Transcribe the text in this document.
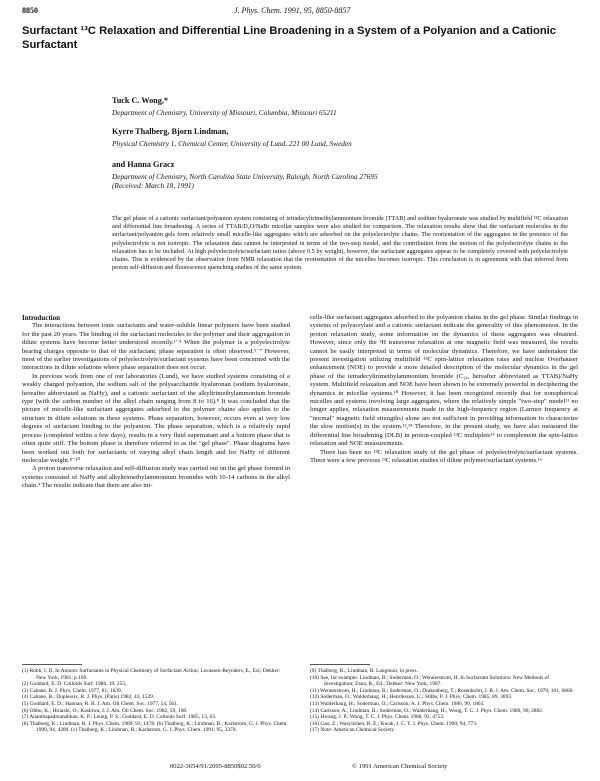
8850	J. Phys. Chem. 1991, 95, 8850-8857
Surfactant ¹³C Relaxation and Differential Line Broadening in a System of a Polyanion and a Cationic Surfactant
Tuck C. Wong,*
Department of Chemistry, University of Missouri, Columbia, Missouri 65211
Kyrre Thalberg, Bjorn Lindman,
Physical Chemistry 1, Chemical Center, University of Lund, 221 00 Lund, Sweden
and Hanna Gracz
Department of Chemistry, North Carolina State University, Raleigh, North Carolina 27695
(Received: March 18, 1991)
The gel phase of a cationic surfactant/polyanion system consisting of tetradecyltrimethylammonium bromide (TTAB) and sodium hyaluronate was studied by multifield ¹³C relaxation and differential line broadening. A series of TTAB/D₂O/NaBr micellar samples were also studied for comparison. The relaxation results show that the surfactant molecules in the surfactant/polyanion gels form relatively small micelle-like aggregates which are adsorbed on the polyelectrolyte chains. The reorientation of the aggregates in the presence of the polyelectrolyte is not isotropic. The relaxation data cannot be interpreted in terms of the two-step model, and the contribution from the motion of the polyelectrolyte chains to the relaxation has to be included. At high polyelectrolyte/surfactant ratios (above 0.5 by weight), however, the surfactant aggregates appear to be completely covered with polyelectrolyte chains. This is evidenced by the observation from NMR relaxation that the reorientation of the micelles becomes isotropic. This conclusion is in agreement with that inferred from proton self-diffusion and fluorescence quenching studies of the same system.

Introduction

The interactions between ionic surfactants and water-soluble linear polymers have been studied for the past 20 years. The binding of the surfactant molecules to the polymer and their aggregation in dilute systems have become better understood recently.¹⁻⁴ When the polymer is a polyelectrolyte bearing charges opposite to that of the surfactant, phase separation is often observed.⁵⁻⁷ However, most of the earlier investigations of polyelectrolyte/surfactant systems have been concerned with the interactions in dilute solutions where phase separation does not occur.

In previous work from one of our laboratories (Lund), we have studied systems consisting of a weakly charged polyanion, the sodium salt of the polysaccharide hyaluronan (sodium hyaluronate, hereafter abbreviated as NaHy), and a cationic surfactant of the alkyltrimethylammonium bromide type (with the carbon number of the alkyl chain ranging from 8 to 16).⁸ It was concluded that the picture of micelle-like surfactant aggregates adsorbed to the polymer chains also applies to the structure in dilute solutions in these systems. Phase separation, however, occurs even at very low degrees of surfactant binding to the polyanion. The phase separation, which is a relatively rapid process (completed within a few days), results in a very fluid supernatant and a bottom phase that is often quite stiff. The bottom phase is therefore referred to as the "gel phase". Phase diagrams have been worked out both for surfactants of varying alkyl chain length and for NaHy of different molecular weight.⁸⁻¹⁰

A proton transverse relaxation and self-diffusion study was carried out on the gel phase formed in systems consisted of NaHy and alkyltrimethylammonium bromides with 10-14 carbons in the alkyl chain.⁹ The results indicate that there are also mi-

celle-like surfactant aggregates adsorbed to the polyanion chains in the gel phase. Similar findings in systems of polyacrylate and a cationic surfactant indicate the generality of this phenomenon. In the proton relaxation study, some information on the dynamics of these aggregates was obtained. However, since only the ¹H transverse relaxation at one magnetic field was measured, the results cannot be easily interpreted in terms of molecular dynamics. Therefore, we have undertaken the present investigation utilizing multifield ¹³C spin-lattice relaxation rates and nuclear Overhauser enhancement (NOE) to provide a more detailed description of the molecular dynamics in the gel phase of the tetradecyltrimethylammonium bromide (C₁₄, hereafter abbreviated as TTAB)/NaHy system. Multifield relaxation and NOE have been shown to be extremely powerful in deciphering the dynamics in micellar systems.¹⁰ However, it has been recognized recently that for nonspherical micelles and systems involving large aggregates, where the relatively simple "two-step" model¹¹ no longer applies, relaxation measurements made in the high-frequency region (Larmor frequency at "normal" magnetic field strengths) alone are not sufficient in providing information to characterize the slow motion(s) in the system.¹²,¹⁴ Therefore, in the present study, we have also measured the differential line broadening (DLB) in proton-coupled ¹³C multiplets¹⁵ to complement the spin-lattice relaxation and NOE measurements.

There has been no ¹³C relaxation study of the gel phase of polyelectrolyte/surfactant systems. There were a few previous ¹³C relaxation studies of dilute polymer/surfactant systems.¹⁶

(1) Robb, I. D. In Anionic Surfactants in Physical Chemistry of Surfactant Action; Lucassen-Reynders, E., Ed.; Dekker: New York, 1981; p 109.

(2) Goddard, E. D. Colloids Surf. 1986, 19, 255.

(3) Cabane, B. J. Phys. Chem. 1977, 81, 1639.

(4) Cabane, B.; Duplessix, R. J. Phys. (Paris) 1982, 43, 1529.

(5) Goddard, E. D.; Hannan, R. B. J. Am. Oil Chem. Soc. 1977, 54, 561.

(6) Ohbu, K.; Hiraishi, O.; Kashiwa, I. J. Am. Oil Chem. Soc. 1982, 59, 108.

(7) Ananthapadmanabhan, K. P.; Leung, P. S.; Goddard, E. D. Colloids Surf. 1985, 13, 63.

(8) Thalberg, K.; Lindman, B. J. Phys. Chem. 1989, 93, 1478. (b) Thalberg, K.; Lindman, B.; Karlstrom, G. J. Phys. Chem. 1990, 94, 4289. (c) Thalberg, K.; Lindman, B.; Karlstrom, G. J. Phys. Chem. 1991, 95, 3370.

(9) Thalberg, K.; Lindman, B. Langmuir, in press.

(10) See, for example: Lindman, B.; Soderman, O.; Wennerstrom, H. In Surfactant Solutions: New Methods of Investigation; Zana, R., Ed.; Dekker: New York, 1987.

(11) Wennerstrom, H.; Lindman, B.; Soderman, O.; Drakenberg, T.; Rosenholm, J. B. J. Am. Chem. Soc. 1979, 101, 6860.

(12) Soderman, O.; Walderhaug, H.; Henriksson, U.; Stilbs, P. J. Phys. Chem. 1985, 89, 3693.

(13) Walderhaug, H.; Soderman, O.; Carlsson, A. J. Phys. Chem. 1986, 90, 1863.

(14) Carlsson, A.; Lindman, B.; Soderman, O.; Walderhaug, H.; Wong, T. C. J. Phys. Chem. 1986, 90, 2882.

(15) Hwang, J. P.; Wong, T. C. J. Phys. Chem. 1988, 92, 4753.

(16) Gao, Z.; Wasylishen, R. E.; Kwak, J. C. T. J. Phys. Chem. 1990, 94, 773.

(17) Note: American Chemical Society

0022-3654/91/2095-8850$02.50/0	© 1991 American Chemical Society
